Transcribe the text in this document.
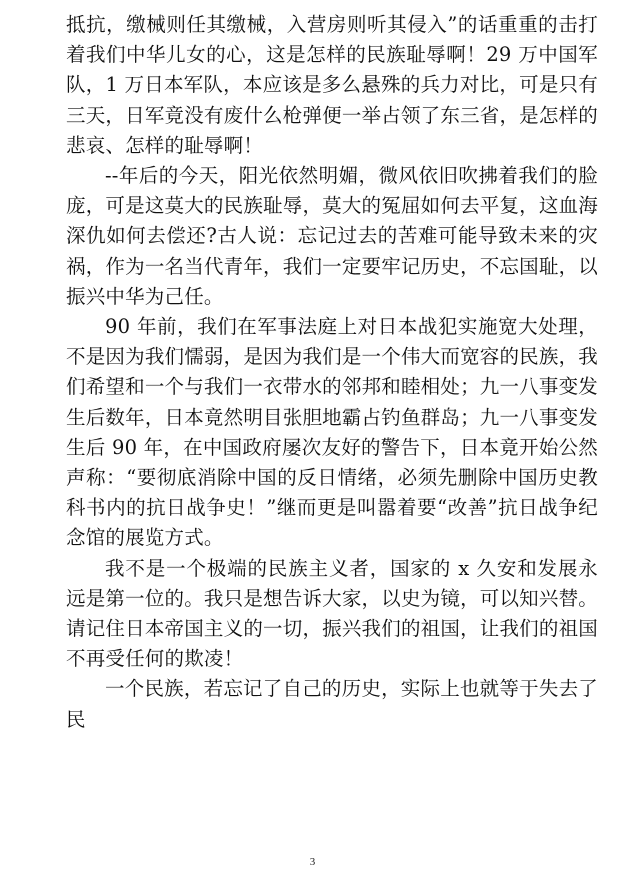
抵抗，缴械则任其缴械，入营房则听其侵入”的话重重的击打着我们中华儿女的心，这是怎样的民族耻辱啊！29 万中国军队，1 万日本军队，本应该是多么悬殊的兵力对比，可是只有三天，日军竟没有废什么枪弹便一举占领了东三省，是怎样的悲哀、怎样的耻辱啊！

--年后的今天，阳光依然明媚，微风依旧吹拂着我们的脸庞，可是这莫大的民族耻辱，莫大的冤屈如何去平复，这血海深仇如何去偿还?古人说：忘记过去的苦难可能导致未来的灾祸，作为一名当代青年，我们一定要牢记历史，不忘国耻，以振兴中华为己任。

90 年前，我们在军事法庭上对日本战犯实施宽大处理，不是因为我们懦弱，是因为我们是一个伟大而宽容的民族，我们希望和一个与我们一衣带水的邻邦和睦相处；九一八事变发生后数年，日本竟然明目张胆地霸占钓鱼群岛；九一八事变发生后 90 年，在中国政府屡次友好的警告下，日本竟开始公然声称：“要彻底消除中国的反日情绪，必须先删除中国历史教科书内的抗日战争史！”继而更是叫嚣着要“改善”抗日战争纪念馆的展览方式。

我不是一个极端的民族主义者，国家的 x 久安和发展永远是第一位的。我只是想告诉大家，以史为镜，可以知兴替。请记住日本帝国主义的一切，振兴我们的祖国，让我们的祖国不再受任何的欺凌！

一个民族，若忘记了自己的历史，实际上也就等于失去了民

3
